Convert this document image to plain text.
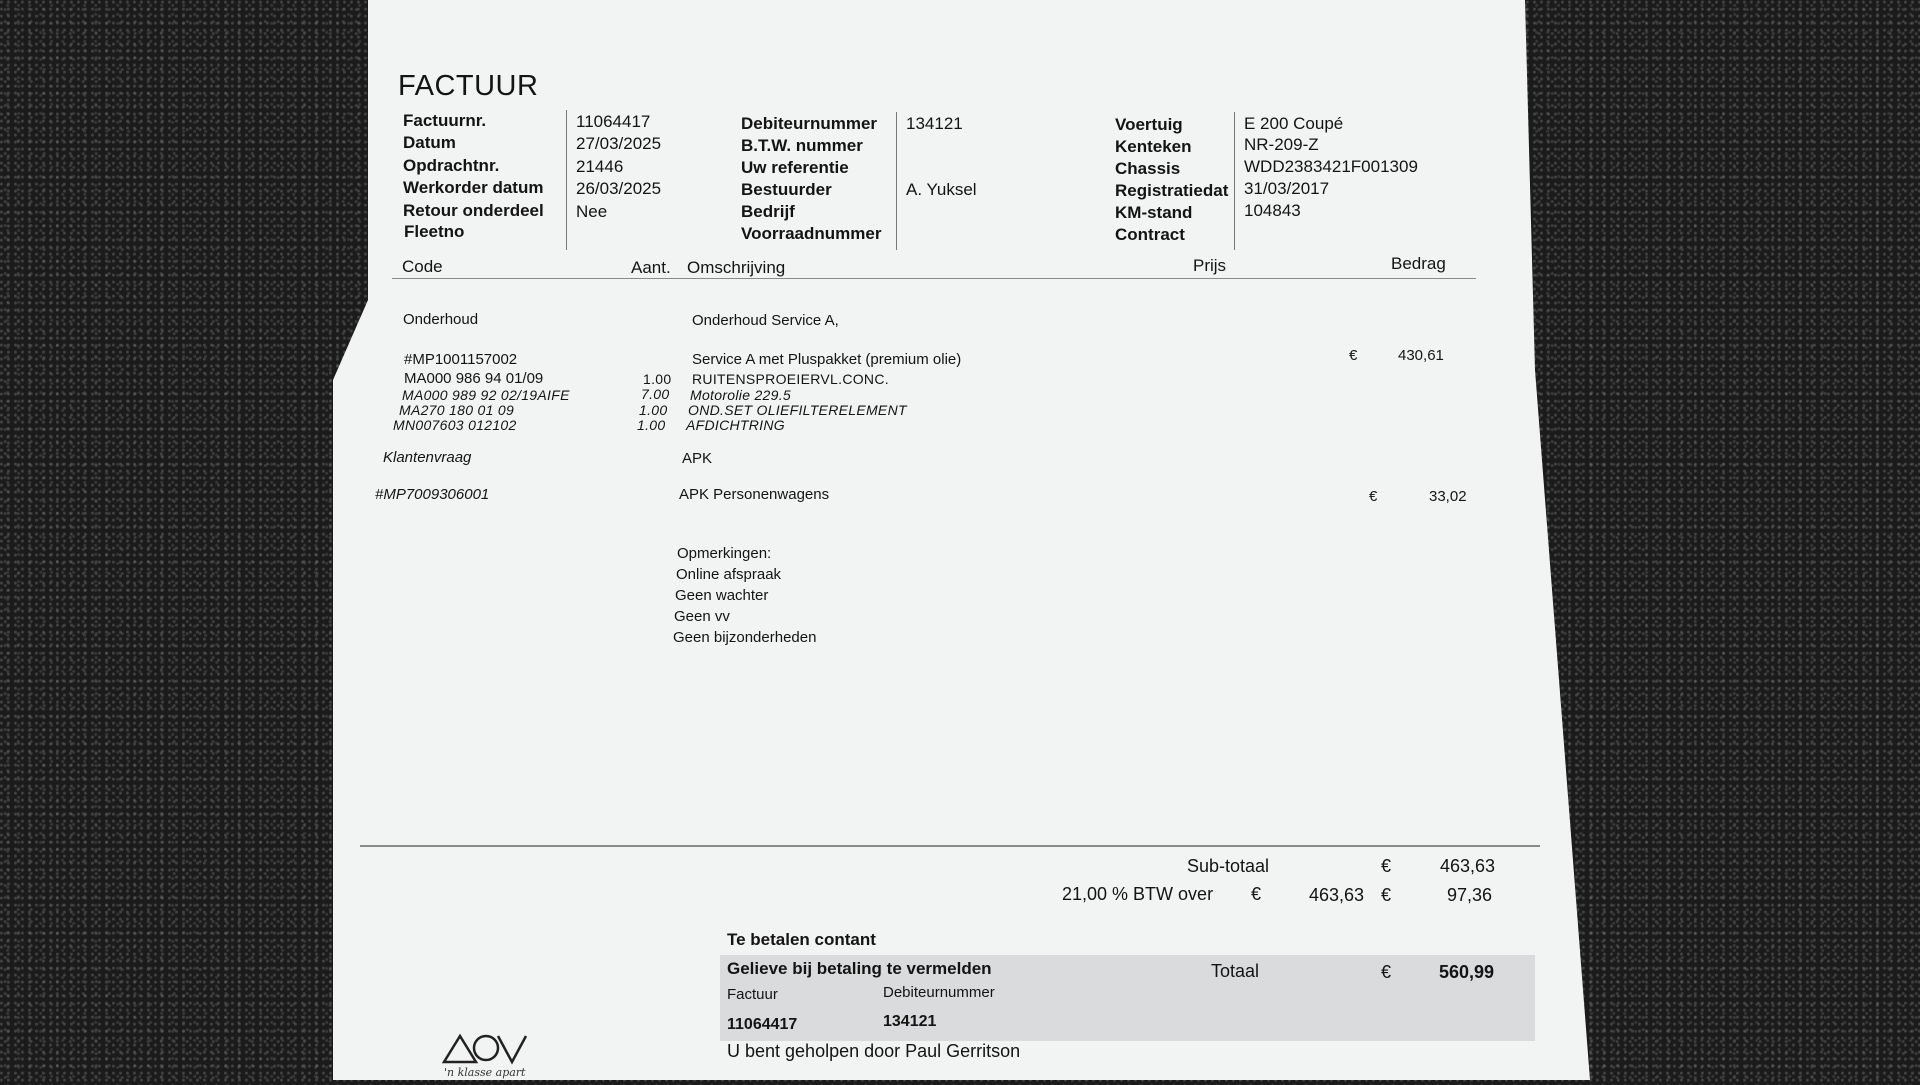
FACTUUR
Factuurnr.	11064417
Datum	27/03/2025
Opdrachtnr.	21446
Werkorder datum 26/03/2025
Retour onderdeel Nee
Fleetno
Debiteurnummer 134121
B.T.W. nummer
Uw referentie
Bestuurder	A. Yuksel
Bedrijf
Voorraadnummer
Voertuig	E 200 Coupé
Kenteken	NR-209-Z
Chassis	WDD2383421F001309
Registratiedat 31/03/2017
KM-stand	104843
Contract
Code	Aant. Omschrijving	Prijs	Bedrag
Onderhoud	Onderhoud Service A,
#MP1001157002	Service A met Pluspakket (premium olie)	€	430,61
MA000 986 94 01/09	1.00 RUITENSPROEIERVL.CONC.
MA000 989 92 02/19AIFE	7.00 Motorolie 229.5
MA270 180 01 09	1.00 OND.SET OLIEFILTERELEMENT
MN007603 012102	1.00 AFDICHTRING
Klantenvraag	APK
#MP7009306001	APK Personenwagens	€	33,02
Opmerkingen:
Online afspraak
Geen wachter
Geen vv
Geen bijzonderheden
Sub-totaal	€	463,63
21,00 % BTW over €	463,63 €	97,36
Te betalen contant
Gelieve bij betaling te vermelden	Totaal	€	560,99
Factuur	Debiteurnummer
11064417	134121
U bent geholpen door Paul Gerritson
'n klasse apart
